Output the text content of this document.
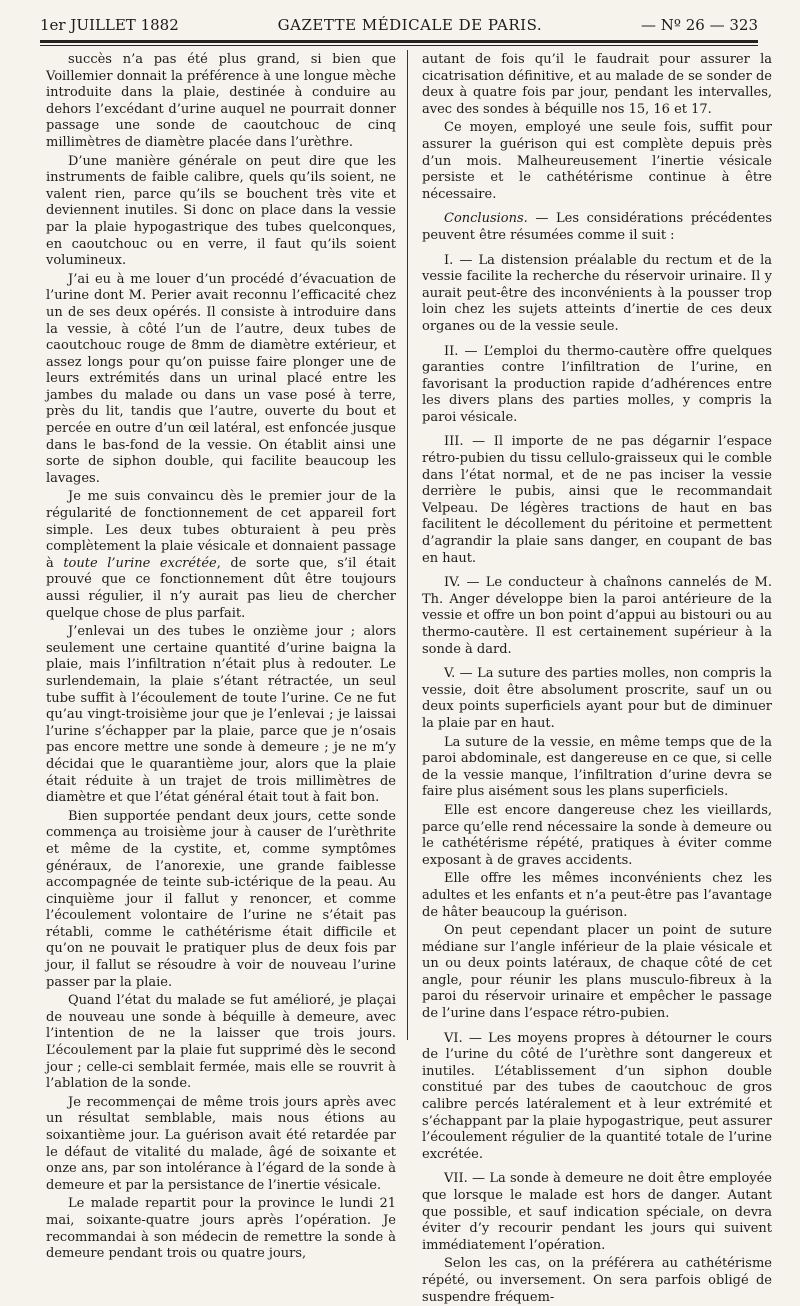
1er JUILLET 1882	GAZETTE MÉDICALE DE PARIS.	— Nº 26 — 323

succès n’a pas été plus grand, si bien que Voillemier donnait la préférence à une longue mèche introduite dans la plaie, destinée à conduire au dehors l’excédant d’urine auquel ne pourrait donner passage une sonde de caoutchouc de cinq millimètres de diamètre placée dans l’urèthre.

D’une manière générale on peut dire que les instruments de faible calibre, quels qu’ils soient, ne valent rien, parce qu’ils se bouchent très vite et deviennent inutiles. Si donc on place dans la vessie par la plaie hypogastrique des tubes quelconques, en caoutchouc ou en verre, il faut qu’ils soient volumineux.

J’ai eu à me louer d’un procédé d’évacuation de l’urine dont M. Perier avait reconnu l’efficacité chez un de ses deux opérés. Il consiste à introduire dans la vessie, à côté l’un de l’autre, deux tubes de caoutchouc rouge de 8mm de diamètre extérieur, et assez longs pour qu’on puisse faire plonger une de leurs extrémités dans un urinal placé entre les jambes du malade ou dans un vase posé à terre, près du lit, tandis que l’autre, ouverte du bout et percée en outre d’un œil latéral, est enfoncée jusque dans le bas-fond de la vessie. On établit ainsi une sorte de siphon double, qui facilite beaucoup les lavages.

Je me suis convaincu dès le premier jour de la régularité de fonctionnement de cet appareil fort simple. Les deux tubes obturaient à peu près complètement la plaie vésicale et donnaient passage à toute l’urine excrétée, de sorte que, s’il était prouvé que ce fonctionnement dût être toujours aussi régulier, il n’y aurait pas lieu de chercher quelque chose de plus parfait.

J’enlevai un des tubes le onzième jour ; alors seulement une certaine quantité d’urine baigna la plaie, mais l’infiltration n’était plus à redouter. Le surlendemain, la plaie s’étant rétractée, un seul tube suffit à l’écoulement de toute l’urine. Ce ne fut qu’au vingt-troisième jour que je l’enlevai ; je laissai l’urine s’échapper par la plaie, parce que je n’osais pas encore mettre une sonde à demeure ; je ne m’y décidai que le quarantième jour, alors que la plaie était réduite à un trajet de trois millimètres de diamètre et que l’état général était tout à fait bon.

Bien supportée pendant deux jours, cette sonde commença au troisième jour à causer de l’urèthrite et même de la cystite, et, comme symptômes généraux, de l’anorexie, une grande faiblesse accompagnée de teinte sub-ictérique de la peau. Au cinquième jour il fallut y renoncer, et comme l’écoulement volontaire de l’urine ne s’était pas rétabli, comme le cathétérisme était difficile et qu’on ne pouvait le pratiquer plus de deux fois par jour, il fallut se résoudre à voir de nouveau l’urine passer par la plaie.

Quand l’état du malade se fut amélioré, je plaçai de nouveau une sonde à béquille à demeure, avec l’intention de ne la laisser que trois jours. L’écoulement par la plaie fut supprimé dès le second jour ; celle-ci semblait fermée, mais elle se rouvrit à l’ablation de la sonde.

Je recommençai de même trois jours après avec un résultat semblable, mais nous étions au soixantième jour. La guérison avait été retardée par le défaut de vitalité du malade, âgé de soixante et onze ans, par son intolérance à l’égard de la sonde à demeure et par la persistance de l’inertie vésicale.

Le malade repartit pour la province le lundi 21 mai, soixante-quatre jours après l’opération. Je recommandai à son médecin de remettre la sonde à demeure pendant trois ou quatre jours,

autant de fois qu’il le faudrait pour assurer la cicatrisation définitive, et au malade de se sonder de deux à quatre fois par jour, pendant les intervalles, avec des sondes à béquille nos 15, 16 et 17.

Ce moyen, employé une seule fois, suffit pour assurer la guérison qui est complète depuis près d’un mois. Malheureusement l’inertie vésicale persiste et le cathétérisme continue à être nécessaire.

Conclusions. — Les considérations précédentes peuvent être résumées comme il suit :

I. — La distension préalable du rectum et de la vessie facilite la recherche du réservoir urinaire. Il y aurait peut-être des inconvénients à la pousser trop loin chez les sujets atteints d’inertie de ces deux organes ou de la vessie seule.

II. — L’emploi du thermo-cautère offre quelques garanties contre l’infiltration de l’urine, en favorisant la production rapide d’adhérences entre les divers plans des parties molles, y compris la paroi vésicale.

III. — Il importe de ne pas dégarnir l’espace rétro-pubien du tissu cellulo-graisseux qui le comble dans l’état normal, et de ne pas inciser la vessie derrière le pubis, ainsi que le recommandait Velpeau. De légères tractions de haut en bas facilitent le décollement du péritoine et permettent d’agrandir la plaie sans danger, en coupant de bas en haut.

IV. — Le conducteur à chaînons cannelés de M. Th. Anger développe bien la paroi antérieure de la vessie et offre un bon point d’appui au bistouri ou au thermo-cautère. Il est certainement supérieur à la sonde à dard.

V. — La suture des parties molles, non compris la vessie, doit être absolument proscrite, sauf un ou deux points superficiels ayant pour but de diminuer la plaie par en haut.

La suture de la vessie, en même temps que de la paroi abdominale, est dangereuse en ce que, si celle de la vessie manque, l’infiltration d’urine devra se faire plus aisément sous les plans superficiels.

Elle est encore dangereuse chez les vieillards, parce qu’elle rend nécessaire la sonde à demeure ou le cathétérisme répété, pratiques à éviter comme exposant à de graves accidents.

Elle offre les mêmes inconvénients chez les adultes et les enfants et n’a peut-être pas l’avantage de hâter beaucoup la guérison.

On peut cependant placer un point de suture médiane sur l’angle inférieur de la plaie vésicale et un ou deux points latéraux, de chaque côté de cet angle, pour réunir les plans musculo-fibreux à la paroi du réservoir urinaire et empêcher le passage de l’urine dans l’espace rétro-pubien.

VI. — Les moyens propres à détourner le cours de l’urine du côté de l’urèthre sont dangereux et inutiles. L’établissement d’un siphon double constitué par des tubes de caoutchouc de gros calibre percés latéralement et à leur extrémité et s’échappant par la plaie hypogastrique, peut assurer l’écoulement régulier de la quantité totale de l’urine excrétée.

VII. — La sonde à demeure ne doit être employée que lorsque le malade est hors de danger. Autant que possible, et sauf indication spéciale, on devra éviter d’y recourir pendant les jours qui suivent immédiatement l’opération.

Selon les cas, on la préférera au cathétérisme répété, ou inversement. On sera parfois obligé de suspendre fréquem-
